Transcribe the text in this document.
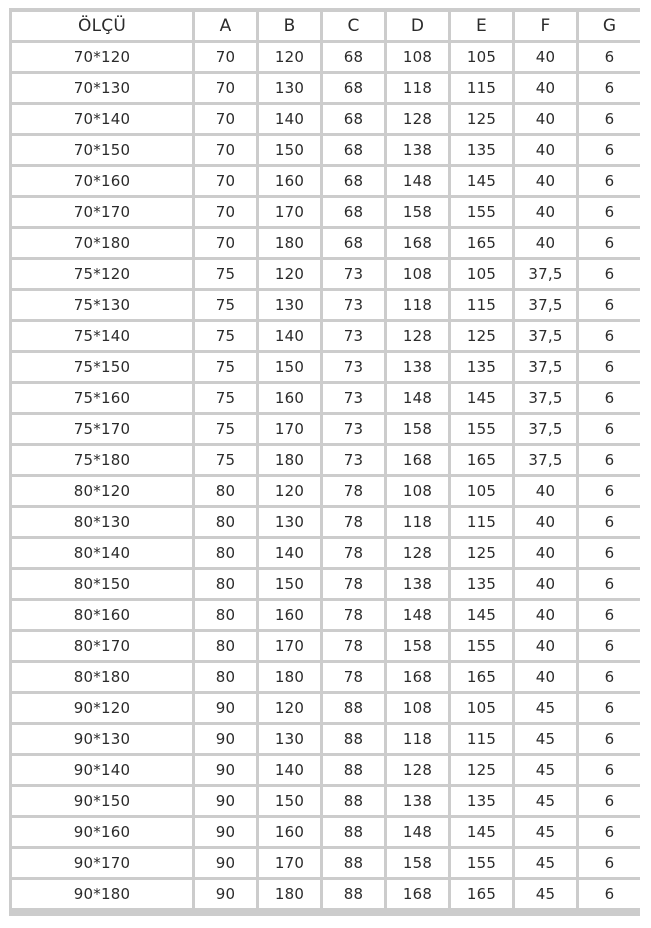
ÖLÇÜ	A	B	C	D	E	F	G
70*120	70	120	68	108	105	40	6
70*130	70	130	68	118	115	40	6
70*140	70	140	68	128	125	40	6
70*150	70	150	68	138	135	40	6
70*160	70	160	68	148	145	40	6
70*170	70	170	68	158	155	40	6
70*180	70	180	68	168	165	40	6
75*120	75	120	73	108	105	37,5	6
75*130	75	130	73	118	115	37,5	6
75*140	75	140	73	128	125	37,5	6
75*150	75	150	73	138	135	37,5	6
75*160	75	160	73	148	145	37,5	6
75*170	75	170	73	158	155	37,5	6
75*180	75	180	73	168	165	37,5	6
80*120	80	120	78	108	105	40	6
80*130	80	130	78	118	115	40	6
80*140	80	140	78	128	125	40	6
80*150	80	150	78	138	135	40	6
80*160	80	160	78	148	145	40	6
80*170	80	170	78	158	155	40	6
80*180	80	180	78	168	165	40	6
90*120	90	120	88	108	105	45	6
90*130	90	130	88	118	115	45	6
90*140	90	140	88	128	125	45	6
90*150	90	150	88	138	135	45	6
90*160	90	160	88	148	145	45	6
90*170	90	170	88	158	155	45	6
90*180	90	180	88	168	165	45	6
